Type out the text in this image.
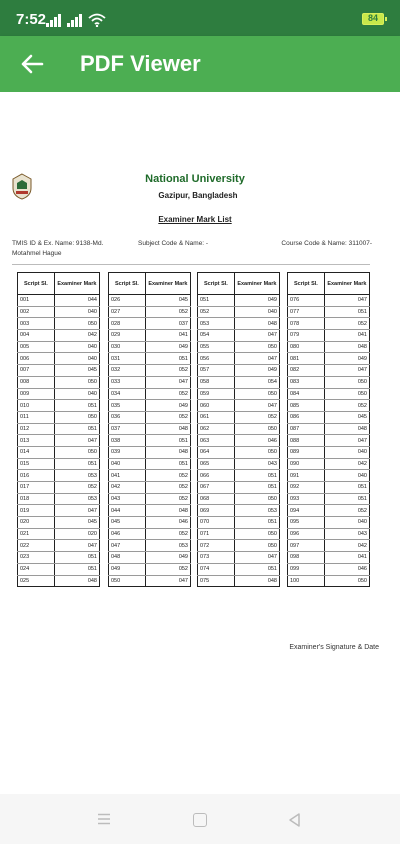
7:52	84
PDF Viewer
National University
Gazipur, Bangladesh
Examiner Mark List
TMIS ID & Ex. Name: 9138-Md. Motahmel Hague
Subject Code & Name: -	Course Code & Name: 311007-
Script Sl.	Examiner Mark
001	044
002	040
003	050
004	042
005	040
006	040
007	045
008	050
009	040
010	051
011	050
012	051
013	047
014	050
015	051
016	053
017	052
018	053
019	047
020	045
021	020
022	047
023	051
024	051
025	048
Script Sl.	Examiner Mark
026	045
027	052
028	037
029	041
030	049
031	051
032	052
033	047
034	052
035	049
036	052
037	048
038	051
039	048
040	051
041	052
042	052
043	052
044	048
045	046
046	052
047	053
048	049
049	052
050	047
Script Sl.	Examiner Mark
051	049
052	040
053	048
054	047
055	050
056	047
057	049
058	054
059	050
060	047
061	052
062	050
063	046
064	050
065	043
066	051
067	051
068	050
069	053
070	051
071	050
072	050
073	047
074	051
075	048
Script Sl.	Examiner Mark
076	047
077	051
078	052
079	041
080	048
081	049
082	047
083	050
084	050
085	052
086	045
087	048
088	047
089	040
090	042
091	040
092	051
093	051
094	052
095	040
096	043
097	042
098	041
099	046
100	050
Examiner's Signature & Date
